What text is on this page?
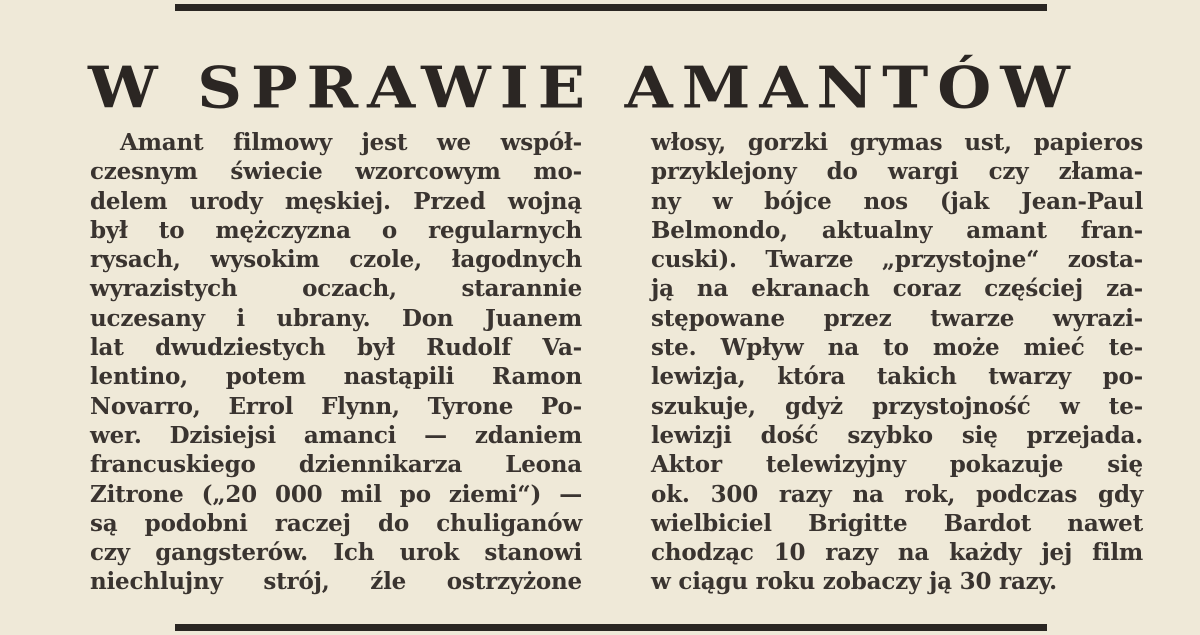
W SPRAWIE AMANTÓW
Amant filmowy jest we współ-
czesnym świecie wzorcowym mo-
delem urody męskiej. Przed wojną
był to mężczyzna o regularnych
rysach, wysokim czole, łagodnych
wyrazistych oczach, starannie
uczesany i ubrany. Don Juanem
lat dwudziestych był Rudolf Va-
lentino, potem nastąpili Ramon
Novarro, Errol Flynn, Tyrone Po-
wer. Dzisiejsi amanci — zdaniem
francuskiego dziennikarza Leona
Zitrone („20 000 mil po ziemi“) —
są podobni raczej do chuliganów
czy gangsterów. Ich urok stanowi
niechlujny strój, źle ostrzyżone
włosy, gorzki grymas ust, papieros
przyklejony do wargi czy złama-
ny w bójce nos (jak Jean-Paul
Belmondo, aktualny amant fran-
cuski). Twarze „przystojne“ zosta-
ją na ekranach coraz częściej za-
stępowane przez twarze wyrazi-
ste. Wpływ na to może mieć te-
lewizja, która takich twarzy po-
szukuje, gdyż przystojność w te-
lewizji dość szybko się przejada.
Aktor telewizyjny pokazuje się
ok. 300 razy na rok, podczas gdy
wielbiciel Brigitte Bardot nawet
chodząc 10 razy na każdy jej film
w ciągu roku zobaczy ją 30 razy.
